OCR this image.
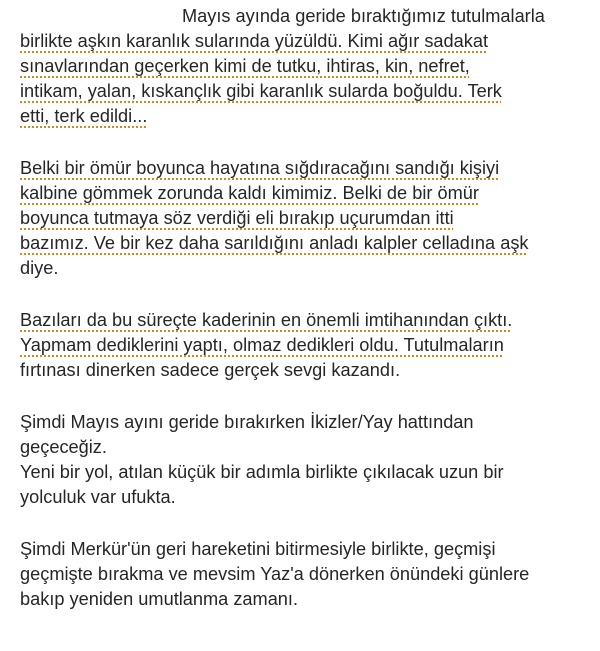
Mayıs ayında geride bıraktığımız tutulmalarla
birlikte aşkın karanlık sularında yüzüldü. Kimi ağır sadakat
sınavlarından geçerken kimi de tutku, ihtiras, kin, nefret,
intikam, yalan, kıskançlık gibi karanlık sularda boğuldu. Terk
etti, terk edildi...
Belki bir ömür boyunca hayatına sığdıracağını sandığı kişiyi
kalbine gömmek zorunda kaldı kimimiz. Belki de bir ömür
boyunca tutmaya söz verdiği eli bırakıp uçurumdan itti
bazımız. Ve bir kez daha sarıldığını anladı kalpler celladına aşk
diye.
Bazıları da bu süreçte kaderinin en önemli imtihanından çıktı.
Yapmam dediklerini yaptı, olmaz dedikleri oldu. Tutulmaların
fırtınası dinerken sadece gerçek sevgi kazandı.
Şimdi Mayıs ayını geride bırakırken İkizler/Yay hattından
geçeceğiz.
Yeni bir yol, atılan küçük bir adımla birlikte çıkılacak uzun bir
yolculuk var ufukta.
Şimdi Merkür'ün geri hareketini bitirmesiyle birlikte, geçmişi
geçmişte bırakma ve mevsim Yaz'a dönerken önündeki günlere
bakıp yeniden umutlanma zamanı.
